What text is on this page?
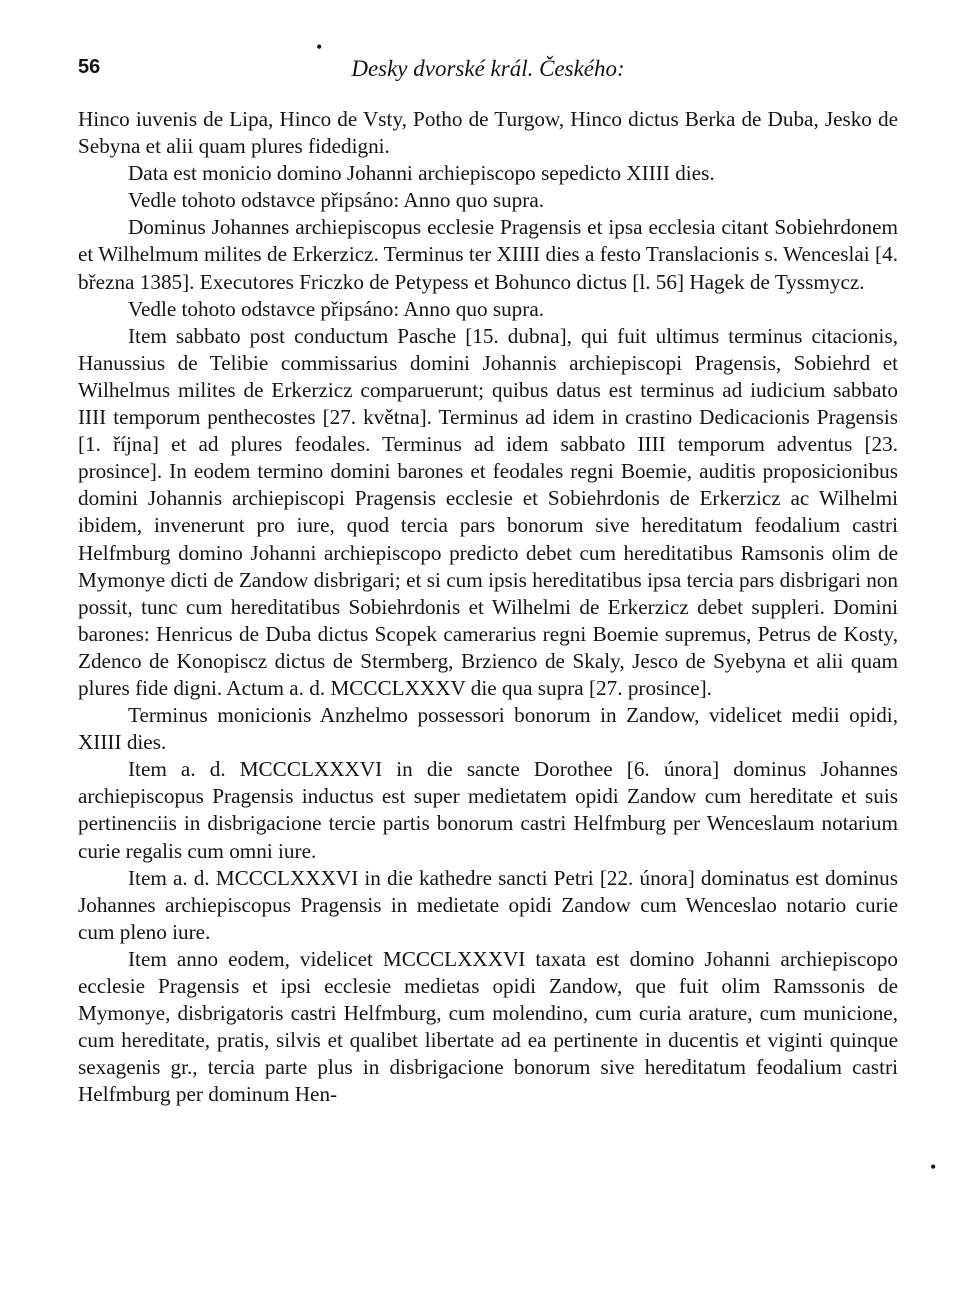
56	Desky dvorské král. Českého:

Hinco iuvenis de Lipa, Hinco de Vsty, Potho de Turgow, Hinco dictus Berka de Duba, Jesko de Sebyna et alii quam plures fidedigni.

Data est monicio domino Johanni archiepiscopo sepedicto XIIII dies.

Vedle tohoto odstavce připsáno: Anno quo supra.

Dominus Johannes archiepiscopus ecclesie Pragensis et ipsa ecclesia citant Sobiehrdonem et Wilhelmum milites de Erkerzicz. Terminus ter XIIII dies a festo Translacionis s. Wenceslai [4. března 1385]. Executores Friczko de Petypess et Bohunco dictus [l. 56] Hagek de Tyssmycz.

Vedle tohoto odstavce připsáno: Anno quo supra.

Item sabbato post conductum Pasche [15. dubna], qui fuit ultimus terminus citacionis, Hanussius de Telibie commissarius domini Johannis archiepiscopi Pragensis, Sobiehrd et Wilhelmus milites de Erkerzicz comparuerunt; quibus datus est terminus ad iudicium sabbato IIII temporum penthecostes [27. května]. Terminus ad idem in crastino Dedicacionis Pragensis [1. října] et ad plures feodales. Terminus ad idem sabbato IIII temporum adventus [23. prosince]. In eodem termino domini barones et feodales regni Boemie, auditis proposicionibus domini Johannis archiepiscopi Pragensis ecclesie et Sobiehrdonis de Erkerzicz ac Wilhelmi ibidem, invenerunt pro iure, quod tercia pars bonorum sive hereditatum feodalium castri Helfmburg domino Johanni archiepiscopo predicto debet cum hereditatibus Ramsonis olim de Mymonye dicti de Zandow disbrigari; et si cum ipsis hereditatibus ipsa tercia pars disbrigari non possit, tunc cum hereditatibus Sobiehrdonis et Wilhelmi de Erkerzicz debet suppleri. Domini barones: Henricus de Duba dictus Scopek camerarius regni Boemie supremus, Petrus de Kosty, Zdenco de Konopiscz dictus de Stermberg, Brzienco de Skaly, Jesco de Syebyna et alii quam plures fide digni. Actum a. d. MCCCLXXXV die qua supra [27. prosince].

Terminus monicionis Anzhelmo possessori bonorum in Zandow, videlicet medii opidi, XIIII dies.

Item a. d. MCCCLXXXVI in die sancte Dorothee [6. února] dominus Johannes archiepiscopus Pragensis inductus est super medietatem opidi Zandow cum hereditate et suis pertinenciis in disbrigacione tercie partis bonorum castri Helfmburg per Wenceslaum notarium curie regalis cum omni iure.

Item a. d. MCCCLXXXVI in die kathedre sancti Petri [22. února] dominatus est dominus Johannes archiepiscopus Pragensis in medietate opidi Zandow cum Wenceslao notario curie cum pleno iure.

Item anno eodem, videlicet MCCCLXXXVI taxata est domino Johanni archiepiscopo ecclesie Pragensis et ipsi ecclesie medietas opidi Zandow, que fuit olim Ramssonis de Mymonye, disbrigatoris castri Helfmburg, cum molendino, cum curia arature, cum municione, cum hereditate, pratis, silvis et qualibet libertate ad ea pertinente in ducentis et viginti quinque sexagenis gr., tercia parte plus in disbrigacione bonorum sive hereditatum feodalium castri Helfmburg per dominum Hen-

•
•
